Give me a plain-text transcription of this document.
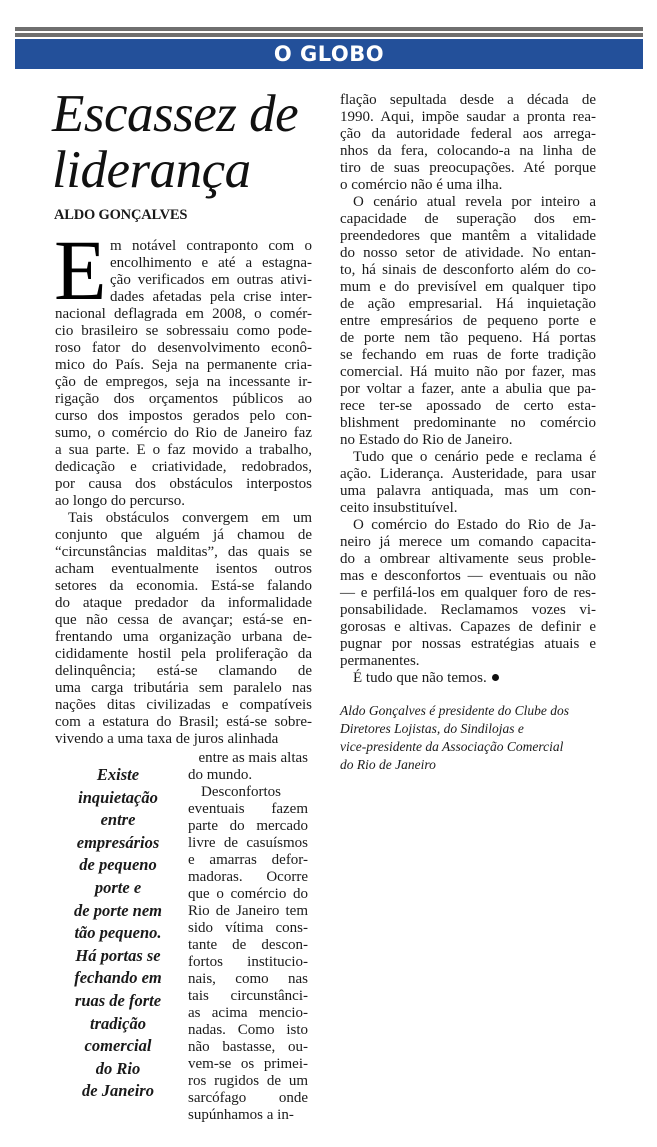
O GLOBO
Escassez de
liderança
ALDO GONÇALVES
E m notável contraponto com o
encolhimento e até a estagna-
ção verificados em outras ativi-
dades afetadas pela crise inter-
nacional deflagrada em 2008, o comér-
cio brasileiro se sobressaiu como pode-
roso fator do desenvolvimento econô-
mico do País. Seja na permanente cria-
ção de empregos, seja na incessante ir-
rigação dos orçamentos públicos ao
curso dos impostos gerados pelo con-
sumo, o comércio do Rio de Janeiro faz
a sua parte. E o faz movido a trabalho,
dedicação e criatividade, redobrados,
por causa dos obstáculos interpostos
ao longo do percurso.
Tais obstáculos convergem em um
conjunto que alguém já chamou de
“circunstâncias malditas”, das quais se
acham eventualmente isentos outros
setores da economia. Está-se falando
do ataque predador da informalidade
que não cessa de avançar; está-se en-
frentando uma organização urbana de-
cididamente hostil pela proliferação da
delinquência; está-se clamando de
uma carga tributária sem paralelo nas
nações ditas civilizadas e compatíveis
com a estatura do Brasil; está-se sobre-
vivendo a uma taxa de juros alinhada
entre as mais altas
do mundo.
Desconfortos
eventuais fazem
parte do mercado
livre de casuísmos
e amarras defor-
madoras. Ocorre
que o comércio do
Rio de Janeiro tem
sido vítima cons-
tante de descon-
fortos institucio-
nais, como nas
tais circunstânci-
as acima mencio-
nadas. Como isto
não bastasse, ou-
vem-se os primei-
ros rugidos de um
sarcófago onde
supúnhamos a in-
Existe
inquietação
entre
empresários
de pequeno
porte e
de porte nem
tão pequeno.
Há portas se
fechando em
ruas de forte
tradição
comercial
do Rio
de Janeiro
flação sepultada desde a década de
1990. Aqui, impõe saudar a pronta rea-
ção da autoridade federal aos arrega-
nhos da fera, colocando-a na linha de
tiro de suas preocupações. Até porque
o comércio não é uma ilha.
O cenário atual revela por inteiro a
capacidade de superação dos em-
preendedores que mantêm a vitalidade
do nosso setor de atividade. No entan-
to, há sinais de desconforto além do co-
mum e do previsível em qualquer tipo
de ação empresarial. Há inquietação
entre empresários de pequeno porte e
de porte nem tão pequeno. Há portas
se fechando em ruas de forte tradição
comercial. Há muito não por fazer, mas
por voltar a fazer, ante a abulia que pa-
rece ter-se apossado de certo esta-
blishment predominante no comércio
no Estado do Rio de Janeiro.
Tudo que o cenário pede e reclama é
ação. Liderança. Austeridade, para usar
uma palavra antiquada, mas um con-
ceito insubstituível.
O comércio do Estado do Rio de Ja-
neiro já merece um comando capacita-
do a ombrear altivamente seus proble-
mas e desconfortos — eventuais ou não
— e perfilá-los em qualquer foro de res-
ponsabilidade. Reclamamos vozes vi-
gorosas e altivas. Capazes de definir e
pugnar por nossas estratégias atuais e
permanentes.
É tudo que não temos.
Aldo Gonçalves é presidente do Clube dos
Diretores Lojistas, do Sindilojas e
vice-presidente da Associação Comercial
do Rio de Janeiro
